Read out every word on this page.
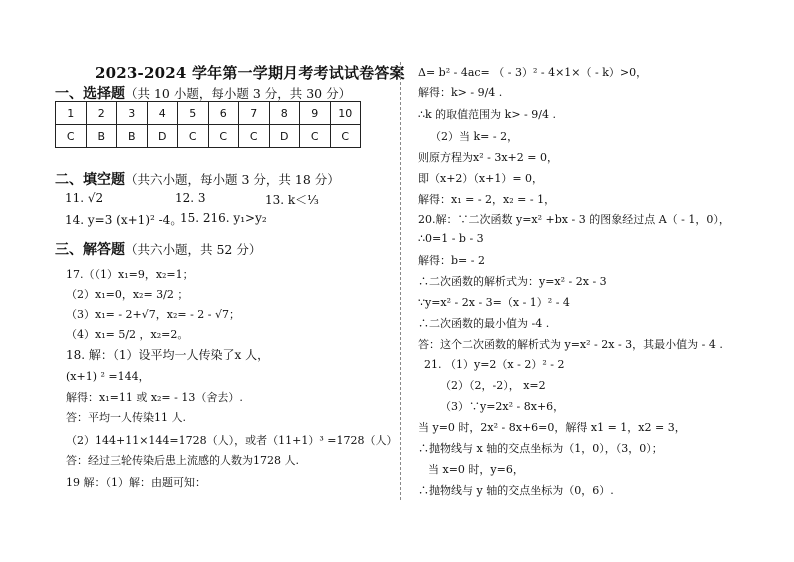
2023-2024 学年第一学期月考考试试卷答案
一、选择题（共 10 小题，每小题 3 分，共 30 分）
1	2	3	4	5	6	7	8	9	10
C	B	B	D	C	C	C	D	C	C
二、填空题（共六小题，每小题 3 分，共 18 分）
11. √2	12. 3	13. k＜⅓
14. y=3 (x+1)² -4。
15. 216. y₁>y₂
三、解答题（共六小题，共 52 分）
17.（（1）x₁=9，x₂=1；
（2）x₁=0，x₂= 3/2 ；
（3）x₁= - 2+√7，x₂= - 2 - √7；
（4）x₁= 5/2 ，x₂=2。
18. 解：（1）设平均一人传染了x 人，
(x+1) ² =144，
解得：x₁=11 或 x₂= - 13（舍去）.
答：平均一人传染11 人.
（2）144+11×144=1728（人），或者（11+1）³ =1728（人）
答：经过三轮传染后患上流感的人数为1728 人.
19 解：（1）解：由题可知：
Δ= b² - 4ac= （ - 3）² - 4×1×（ - k）>0，
解得：k> - 9/4 .
∴k 的取值范围为 k> - 9/4 .
（2）当 k= - 2，
则原方程为x² - 3x+2 = 0，
即（x+2）（x+1）= 0，
解得：x₁ = - 2，x₂ = - 1，
20.解：∵二次函数 y=x² +bx - 3 的图象经过点 A（ - 1，0），
∴0=1 - b - 3
解得：b= - 2
∴二次函数的解析式为：y=x² - 2x - 3
∵y=x² - 2x - 3=（x - 1）² - 4
∴二次函数的最小值为 -4 .
答：这个二次函数的解析式为 y=x² - 2x - 3，其最小值为 - 4 .
21. （1）y=2（x - 2）² - 2
（2）（2，-2）， x=2
（3）∵y=2x² - 8x+6，
当 y=0 时，2x² - 8x+6=0，解得 x1 = 1，x2 = 3，
∴抛物线与 x 轴的交点坐标为（1，0），（3，0）；
当 x=0 时，y=6，
∴抛物线与 y 轴的交点坐标为（0，6）.
